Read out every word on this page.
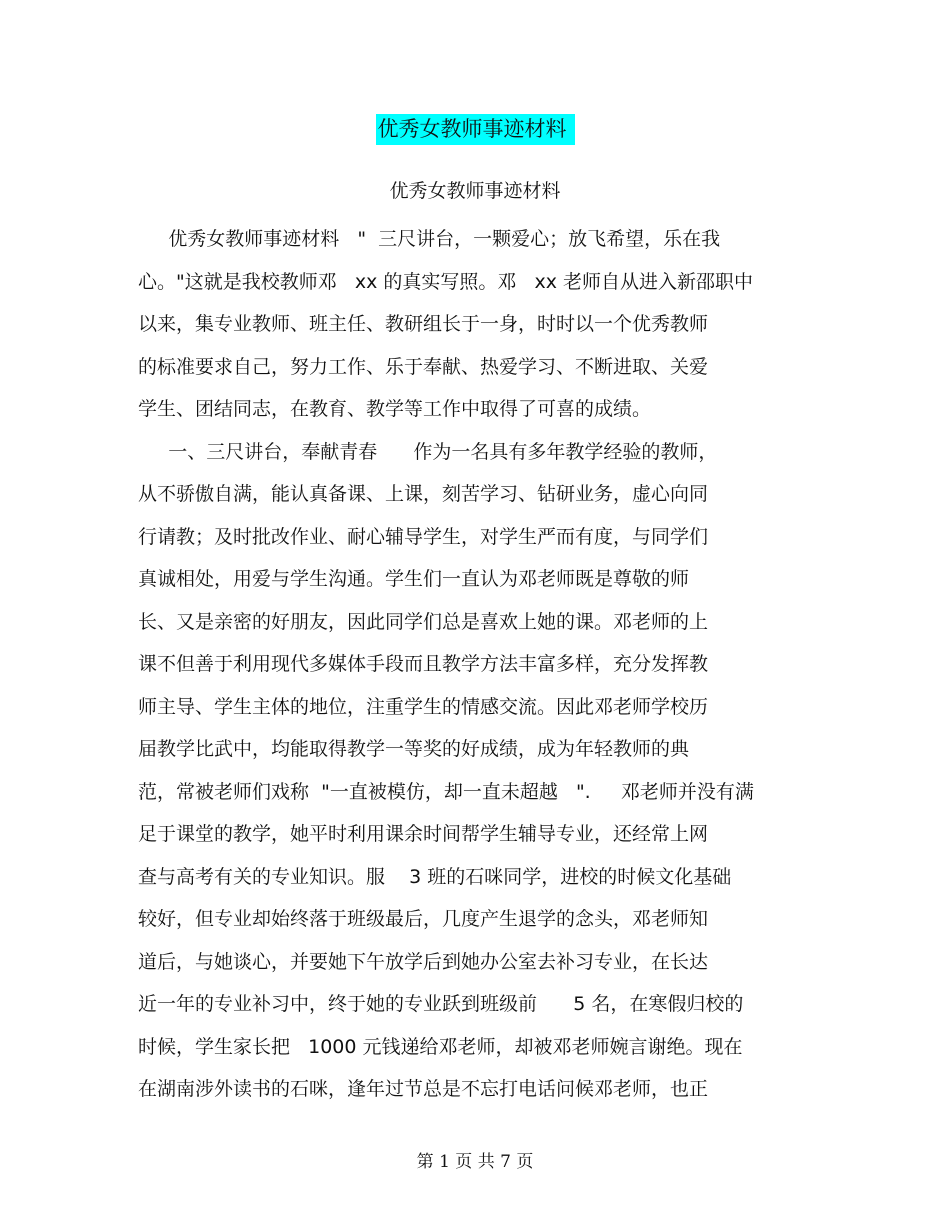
优秀女教师事迹材料
优秀女教师事迹材料
优秀女教师事迹材料   "  三尺讲台，一颗爱心；放飞希望，乐在我
心。"这就是我校教师邓   xx 的真实写照。邓   xx 老师自从进入新邵职中
以来，集专业教师、班主任、教研组长于一身，时时以一个优秀教师
的标准要求自己，努力工作、乐于奉献、热爱学习、不断进取、关爱
学生、团结同志，在教育、教学等工作中取得了可喜的成绩。
一、三尺讲台，奉献青春      作为一名具有多年教学经验的教师，
从不骄傲自满，能认真备课、上课，刻苦学习、钻研业务，虚心向同
行请教；及时批改作业、耐心辅导学生，对学生严而有度，与同学们
真诚相处，用爱与学生沟通。学生们一直认为邓老师既是尊敬的师
长、又是亲密的好朋友，因此同学们总是喜欢上她的课。邓老师的上
课不但善于利用现代多媒体手段而且教学方法丰富多样，充分发挥教
师主导、学生主体的地位，注重学生的情感交流。因此邓老师学校历
届教学比武中，均能取得教学一等奖的好成绩，成为年轻教师的典
范，常被老师们戏称  "一直被模仿，却一直未超越   ".     邓老师并没有满
足于课堂的教学，她平时利用课余时间帮学生辅导专业，还经常上网
查与高考有关的专业知识。服    3 班的石咪同学，进校的时候文化基础
较好，但专业却始终落于班级最后，几度产生退学的念头，邓老师知
道后，与她谈心，并要她下午放学后到她办公室去补习专业，在长达
近一年的专业补习中，终于她的专业跃到班级前      5 名，在寒假归校的
时候，学生家长把   1000 元钱递给邓老师，却被邓老师婉言谢绝。现在
在湖南涉外读书的石咪，逢年过节总是不忘打电话问候邓老师，也正
第 1 页 共 7 页
